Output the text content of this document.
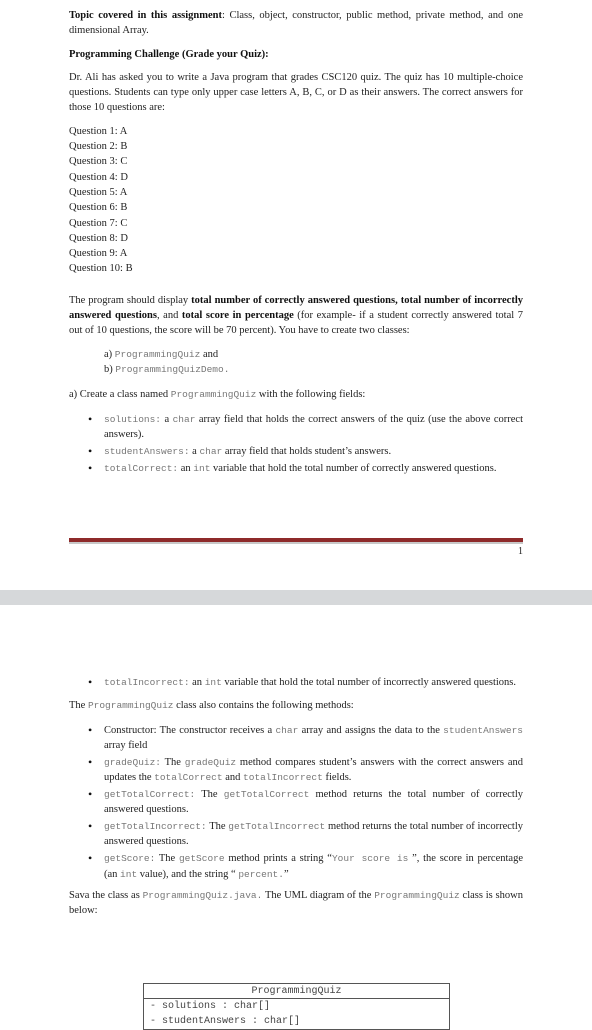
Topic covered in this assignment: Class, object, constructor, public method, private method, and one dimensional Array.

Programming Challenge (Grade your Quiz):

Dr. Ali has asked you to write a Java program that grades CSC120 quiz. The quiz has 10 multiple-choice questions. Students can type only upper case letters A, B, C, or D as their answers. The correct answers for those 10 questions are:

Question 1: A
Question 2: B
Question 3: C
Question 4: D
Question 5: A
Question 6: B
Question 7: C
Question 8: D
Question 9: A
Question 10: B

The program should display total number of correctly answered questions, total number of incorrectly answered questions, and total score in percentage (for example- if a student correctly answered total 7 out of 10 questions, the score will be 70 percent). You have to create two classes:

a) ProgrammingQuiz and
b) ProgrammingQuizDemo.

a) Create a class named ProgrammingQuiz with the following fields:

• solutions: a char array field that holds the correct answers of the quiz (use the above correct answers).
• studentAnswers: a char array field that holds student’s answers.
• totalCorrect: an int variable that hold the total number of correctly answered questions.
1
• totalIncorrect: an int variable that hold the total number of incorrectly answered questions.

The ProgrammingQuiz class also contains the following methods:

• Constructor: The constructor receives a char array and assigns the data to the studentAnswers array field
• gradeQuiz: The gradeQuiz method compares student’s answers with the correct answers and updates the totalCorrect and totalIncorrect fields.
• getTotalCorrect: The getTotalCorrect method returns the total number of correctly answered questions.
• getTotalIncorrect: The getTotalIncorrect method returns the total number of incorrectly answered questions.
• getScore: The getScore method prints a string “Your score is ”, the score in percentage (an int value), and the string “ percent.”

Sava the class as ProgrammingQuiz.java. The UML diagram of the ProgrammingQuiz class is shown below:

ProgrammingQuiz
- solutions : char[]
- studentAnswers : char[]
